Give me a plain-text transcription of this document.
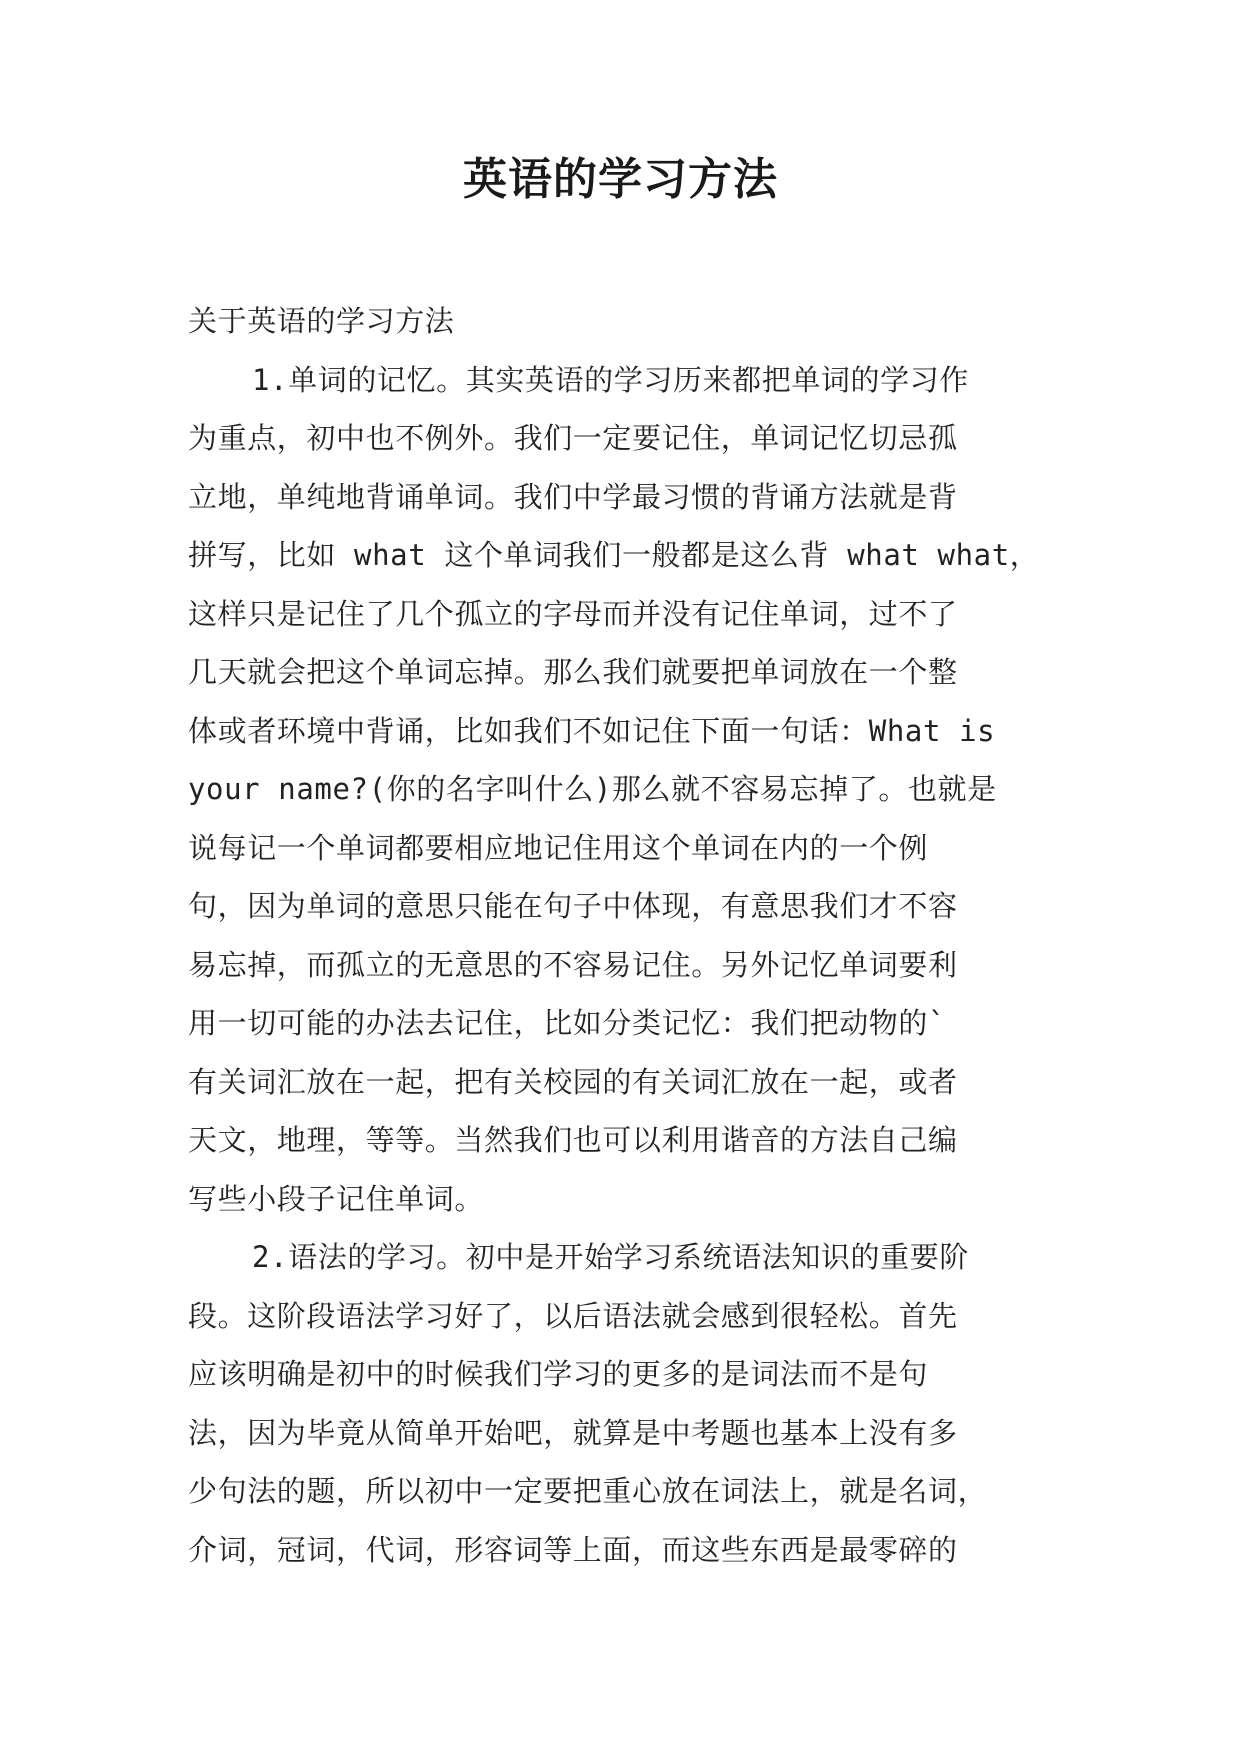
英语的学习方法

关于英语的学习方法

1.单词的记忆。其实英语的学习历来都把单词的学习作

为重点，初中也不例外。我们一定要记住，单词记忆切忌孤

立地，单纯地背诵单词。我们中学最习惯的背诵方法就是背

拼写，比如 what 这个单词我们一般都是这么背 what what，

这样只是记住了几个孤立的字母而并没有记住单词，过不了

几天就会把这个单词忘掉。那么我们就要把单词放在一个整

体或者环境中背诵，比如我们不如记住下面一句话：What is

your name?(你的名字叫什么)那么就不容易忘掉了。也就是

说每记一个单词都要相应地记住用这个单词在内的一个例

句，因为单词的意思只能在句子中体现，有意思我们才不容

易忘掉，而孤立的无意思的不容易记住。另外记忆单词要利

用一切可能的办法去记住，比如分类记忆：我们把动物的`

有关词汇放在一起，把有关校园的有关词汇放在一起，或者

天文，地理，等等。当然我们也可以利用谐音的方法自己编

写些小段子记住单词。

2.语法的学习。初中是开始学习系统语法知识的重要阶

段。这阶段语法学习好了，以后语法就会感到很轻松。首先

应该明确是初中的时候我们学习的更多的是词法而不是句

法，因为毕竟从简单开始吧，就算是中考题也基本上没有多

少句法的题，所以初中一定要把重心放在词法上，就是名词，

介词，冠词，代词，形容词等上面，而这些东西是最零碎的
